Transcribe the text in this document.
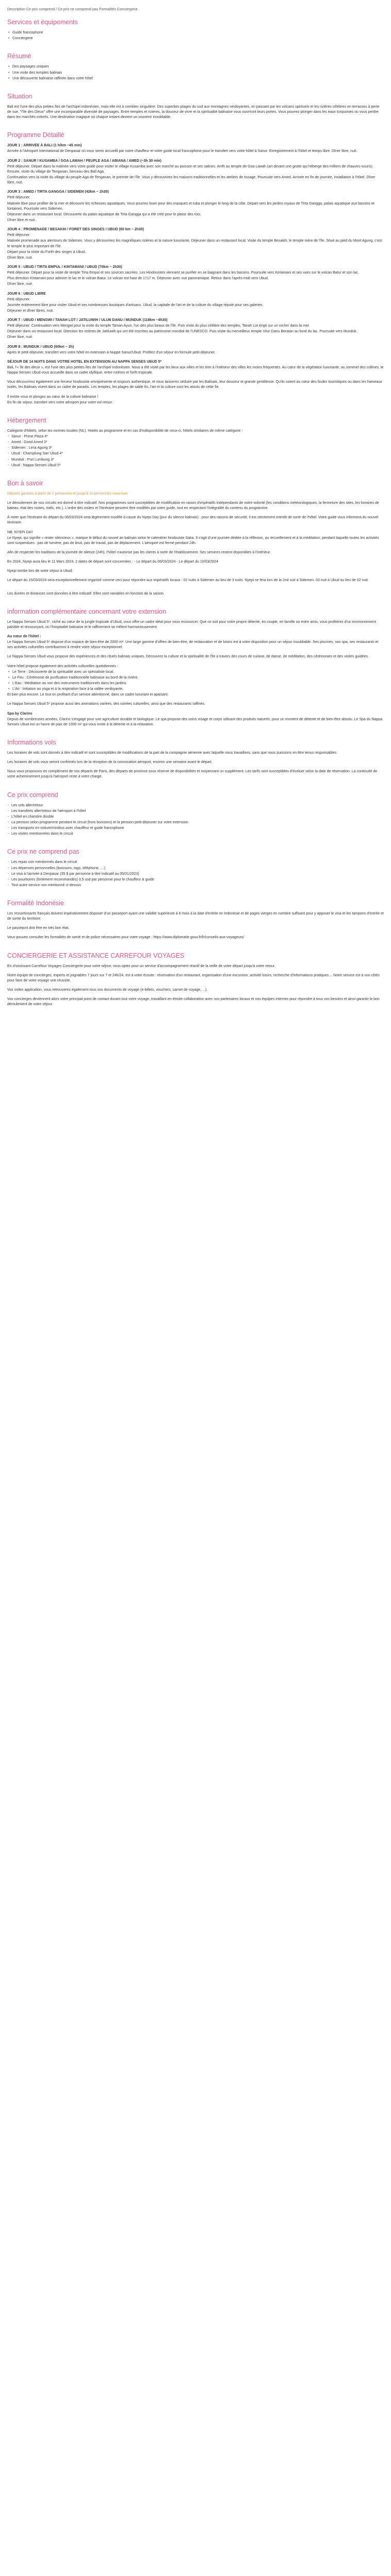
Description Ce prix comprend / Ce prix ne comprend pas Formalités Conciergerie

Services et équipements
• Guide francophone
• Conciergerie
Résumé
• Des paysages uniques
• Une visite des temples balinais
• Une découverte balinaise raffinée dans votre hôtel
Situation

Bali est l'une des plus petites îles de l'archipel indonésien, mais elle est à combien singulière. Des superbes plages du sud aux montagnes verdoyantes, en passant par les volcans spirituels et les rizières célèbres en terrasses à perte de vue, "l'île des Dieux" offre une incomparable diversité de paysages. Entre temples et rizières, la douceur de vivre et la spiritualité balinaise vous ouvriront leurs portes. Vous pourrez plonger dans les eaux turquoises ou vous perdre dans les marchés colorés. Une destination magique où chaque instant devient un souvenir inoubliable.

Programme Détaillé

JOUR 1 : ARRIVÉE À BALI (1 h/km ~45 min)

Arrivée à l'Aéroport International de Denpasar où vous serez accueilli par notre chauffeur et votre guide local francophone pour le transfert vers votre hôtel à Sanur. Enregistrement à l'hôtel et temps libre. Dîner libre, nuit.

JOUR 2 : SANUR / KUSAMBA / GOA LAWAH / PEUPLE AGA / ABIANA / AMED (~3h 30 min)

Petit déjeuner. Départ dans la matinée vers votre guide pour visiter le village Kusamba avec son marché au poisson et ses salines. Arrêt au temple de Goa Lawah (art devant une grotte qui héberge des milliers de chauves-souris). Ensuite, visite du village de Tenganan, berceau des Bali Aga.

Continuation vers la visite du village du peuple Aga de Tenganan, le premier de l'île. Vous y découvrirez les maisons traditionnelles et les ateliers de tissage. Poursuite vers Amed. Arrivée en fin de journée, installation à l'hôtel. Dîner libre, nuit.

JOUR 3 : AMED / TIRTA GANGGA / SIDEMEN (42km ~ 1h30)

Petit déjeuner.

Matinée libre pour profiter de la mer et découvrir les richesses aquatiques. Vous pourrez louer pour des masques et tuba et plonger le long de la côte. Départ vers les jardins royaux de Tirta Gangga, palais aquatique aux bassins et fontaines. Poursuite vers Sidemen.

Déjeuner dans un restaurant local. Découverte du palais aquatique de Tirta Gangga qui a été créé pour le plaisir des rois.

Dîner libre et nuit.

JOUR 4 : PROMENADE / BESAKIH / FORET DES SINGES / UBUD (60 km ~ 2h30)

Petit déjeuner.

Matinée promenade aux alentours de Sidemen. Vous y découvrirez les magnifiques rizières et la nature luxuriante. Déjeuner dans un restaurant local. Visite du temple Besakih, le temple mère de l'île. Situé au pied du Mont Agung, c'est le temple le plus important de l'île.

Départ pour la visite du Forêt des singes à Ubud.

Dîner libre, nuit.

JOUR 5 : UBUD / TIRTA EMPUL / KINTAMANI / UBUD (70km ~ 2h30)

Petit déjeuner. Départ pour la visite de temple Tirta Empul et ses sources sacrées. Les Hindouistes viennent se purifier en se baignant dans les bassins. Poursuite vers Kintamani et ses vues sur le volcan Batur et son lac.

Plus direction Kintamani pour admirer le lac et le volcan Batur. Le volcan est haut de 1717 m. Déjeuner avec vue panoramique. Retour dans l'après-midi vers Ubud.

Dîner libre, nuit.

JOUR 6 : UBUD LIBRE

Petit déjeuner.

Journée entièrement libre pour visiter Ubud et ses nombreuses boutiques d'artisans. Ubud, la capitale de l'art et de la culture du village réputé pour ses galeries.

Déjeuner et dîner libres, nuit.

JOUR 7 : UBUD / MENGWI / TANAH LOT / JATILUWIH / ULUN DANU / MUNDUK (118km ~4h30)

Petit déjeuner. Continuation vers Mengwi pour la visite du temple Taman Ayun, l'un des plus beaux de l'île. Puis visite du plus célèbre des temples, Tanah Lot érigé sur un rocher dans la mer.

Déjeuner dans un restaurant local. Direction les rizières de Jatiluwih qui ont été inscrites au patrimoine mondial de l'UNESCO. Puis visite du merveilleux temple Ulun Danu Beratan au bord du lac. Poursuite vers Munduk.

Dîner libre, nuit.

JOUR 8 : MUNDUK / UBUD (60km ~ 2h)

Après le petit-déjeuner, transfert vers votre hôtel en extension à Nuppe Sanur/Ubud. Profitez d'un séjour en formule petit-déjeuner.

SÉJOUR DE 14 NUITS DANS VOTRE HOTEL EN EXTENSION AU NAPPA SENSES UBUD 5*

Bali, l'« île des dieux », est l'une des plus petites îles de l'archipel indonésien. Nous a été visité par les lieux aux villes et les tirer à l'intérieur des villes les moins fréquentés. Au cœur de la végétation luxuriante, au sommet des collines, le Nappa Senses Ubud vous accueille dans un cadre idyllique, entre rizières et forêt tropicale.

Vous découvrirez également une ferveur hindouiste omniprésente et toujours authentique, et vous laisserez séduire par les Balinais, leur douceur et grande gentillesse. Qu'ils soient au cœur des foules touristiques ou dans les hameaux isolés, les Balinais vivent dans un cadre de paradis. Les temples, les plages de sable fin, l'art et la culture sont les atouts de cette île.

Il existe vous et plongez au cœur de la culture balinaise !

En fin de séjour, transfert vers votre aéroport pour votre vol retour.

Hébergement

Catégorie d'hôtels, selon les normes locales (NL). Hotels au programme et en cas d'indisponibilité de ceux-ci, hôtels similaires de même catégorie :

- Sanur : Prime Plaza 4*
- Amed : Good Amed 3*
- Sidemen : Lima Agung 3*
- Ubud : Champlung Sari Ubud 4*
- Munduk : Puri Lumbung 3*
- Ubud : Nappa Senses Ubud 5*
Bon à savoir

Départs garantis à partir de 2 personnes et jusqu'à 10 personnes maximum

Le déroulement de nos circuits est donné à titre indicatif. Nos programmes sont susceptibles de modification en raison d'impératifs indépendants de notre volonté (les conditions météorologiques, la fermeture des sites, les horaires de bateau, état des routes, trafic, etc.). L'ordre des visites et l'itinéraire peuvent être modifiés par votre guide, tout en respectant l'intégralité du contenu du programme.

À noter que l'itinéraire du départ du 06/03/2024 sera légèrement modifié à cause du Nyepi Day (jour du silence balinais) : pour des raisons de sécurité, il est strictement interdit de sortir de l'hôtel. Votre guide vous informera du nouvel itinéraire.

NB: NYEPI DAY

Le Nyepi, qui signifie « rester silencieux », marque le début du nouvel an balinais selon le calendrier hindouiste Saka. Il s'agit d'une journée dédiée à la réflexion, au recueillement et à la méditation, pendant laquelle toutes les activités sont suspendues : pas de lumière, pas de bruit, pas de travail, pas de déplacement. L'aéroport est fermé pendant 24h.

Afin de respecter les traditions de la journée de silence (24h), l'hôtel n'autorise pas les clients à sortir de l'établissement. Ses services restent disponibles à l'intérieur.

En 2024, Nyepi aura lieu le 11 Mars 2024. 2 dates de départ sont concernées : - Le départ du 06/03/2024 - Le départ du 10/03/2024

Nyepi tombe lors de votre séjour à Ubud.

Le départ du 15/03/2024 sera exceptionnellement organisé comme ceci pour répondre aux impératifs locaux : 02 nuits à Sidemen au lieu de 3 nuits. Nyepi se fera lors de la 2nd nuit à Sidemen. 03 nuit à Ubud au lieu de 02 nuit.

Les durées et distances sont données à titre indicatif. Elles sont variables en fonction de la saison.

information complémentaire concernant votre extension

Le Nappa Senses Ubud 5*, niché au cœur de la jungle tropicale d'Ubud, vous offre un cadre idéal pour vous ressourcer. Que ce soit pour votre propre détente, en couple, en famille ou entre amis, vous profiterez d'un environnement paisible et ressourçant, où l'hospitalité balinaise et le raffinement se mêlent harmonieusement.

Au cœur de l'hôtel :

Le Nappa Senses Ubud 5* dispose d'un espace de bien-être de 2000 m². Une large gamme d'offres de bien-être, de restauration et de loisirs est à votre disposition pour un séjour inoubliable. Ses piscines, son spa, ses restaurants et ses activités culturelles contribueront à rendre votre séjour exceptionnel.

Le Nappa Senses Ubud vous propose des expériences et des rituels balinais uniques. Découvrez la culture et la spiritualité de l'île à travers des cours de cuisine, de danse, de méditation, des cérémonies et des visites guidées.

Votre hôtel propose également des activités culturelles quotidiennes :

• Le Terre : Découverte de la spiritualité avec un spécialiste local.
• Le Feu : Cérémonie de purification traditionnelle balinaise au bord de la rivière.
• L'Eau : Méditation au son des instruments traditionnels dans les jardins.
• L'Air : Initiation au yoga et à la respiration face à la vallée verdoyante.

Et bien plus encore. Le tout en profitant d'un service attentionné, dans un cadre luxuriant et apaisant.

Le Nappa Senses Ubud 5* propose aussi des animations variées, des soirées culturelles, ainsi que des restaurants raffinés.

Spa by Clarins

Depuis de nombreuses années, Clarins s'engage pour une agriculture durable et biologique. Le spa propose des soins visage et corps utilisant des produits naturels, pour un moment de détente et de bien-être absolu. Le Spa du Nappa Senses Ubud est un havre de paix de 1000 m² qui vous invite à la détente et à la relaxation.

Informations vols

Les horaires de vols sont donnés à titre indicatif et sont susceptibles de modifications de la part de la compagnie aérienne avec laquelle nous travaillons, sans que nous puissions en être tenus responsables.

Les horaires de vols vous seront confirmés lors de la réception de la convocation aéroport, environ une semaine avant le départ.

Nous vous proposons en complément de nos départs de Paris, des départs de province sous réserve de disponibilités et moyennant un supplément. Les tarifs sont susceptibles d'évoluer selon la date de réservation. La continuité de votre acheminement jusqu'à l'aéroport reste à votre charge.

Ce prix comprend
- Les vols aller/retour
- Les transferts aller/retour de l'aéroport à l'hôtel
- L'hôtel en chambre double
- La pension selon programme pendant le circuit (hors boissons) et la pension petit-déjeuner sur votre extension
- Les transports en voiture/minibus avec chauffeur et guide francophone
- Les visites mentionnées dans le circuit
Ce prix ne comprend pas
- Les repas non mentionnés dans le circuit
- Les dépenses personnelles (boissons, tags, téléphone, …)
- Le visa à l'arrivée à Denpasar (35 $ par personne à titre indicatif au 05/01/2023)
- Les pourboires (fortement recommandés) 3,5 usd par personne pour le chauffeur & guide
- Tout autre service non mentionné ci-dessus
Formalité Indonésie

Les ressortissants français doivent impérativement disposer d'un passeport ayant une validité supérieure à 6 mois à la date d'entrée en Indonésie et de pages vierges en nombre suffisant pour y apposer le visa et les tampons d'entrée et de sortie du territoire.

Le passeport doit être en très bon état.

Vous pouvez consulter les formalités de santé et de police nécessaires pour votre voyage : https://www.diplomatie.gouv.fr/fr/conseils-aux-voyageurs/

CONCIERGERIE ET ASSISTANCE CARREFOUR VOYAGES

En choisissant Carrefour Voyages Conciergerie pour votre séjour, vous optez pour un service d'accompagnement réactif de la veille de votre départ jusqu'à votre retour.

Notre équipe de concierges, experts et joignables 7 jours sur 7 et 24h/24, est à votre écoute : réservation d'un restaurant, organisation d'une excursion, activité loisirs, recherche d'informations pratiques… Notre service est à vos côtés pour faire de votre voyage une réussite.

Vos voiles application, vous retrouverez également tous vos documents de voyage (e-billets, vouchers, carnet de voyage, ...).

Vos concierges deviennent alors votre principal point de contact durant tout votre voyage, travaillant en étroite collaboration avec nos partenaires locaux et nos équipes internes pour répondre à tous vos besoins et ainsi garantir le bon déroulement de votre séjour.
